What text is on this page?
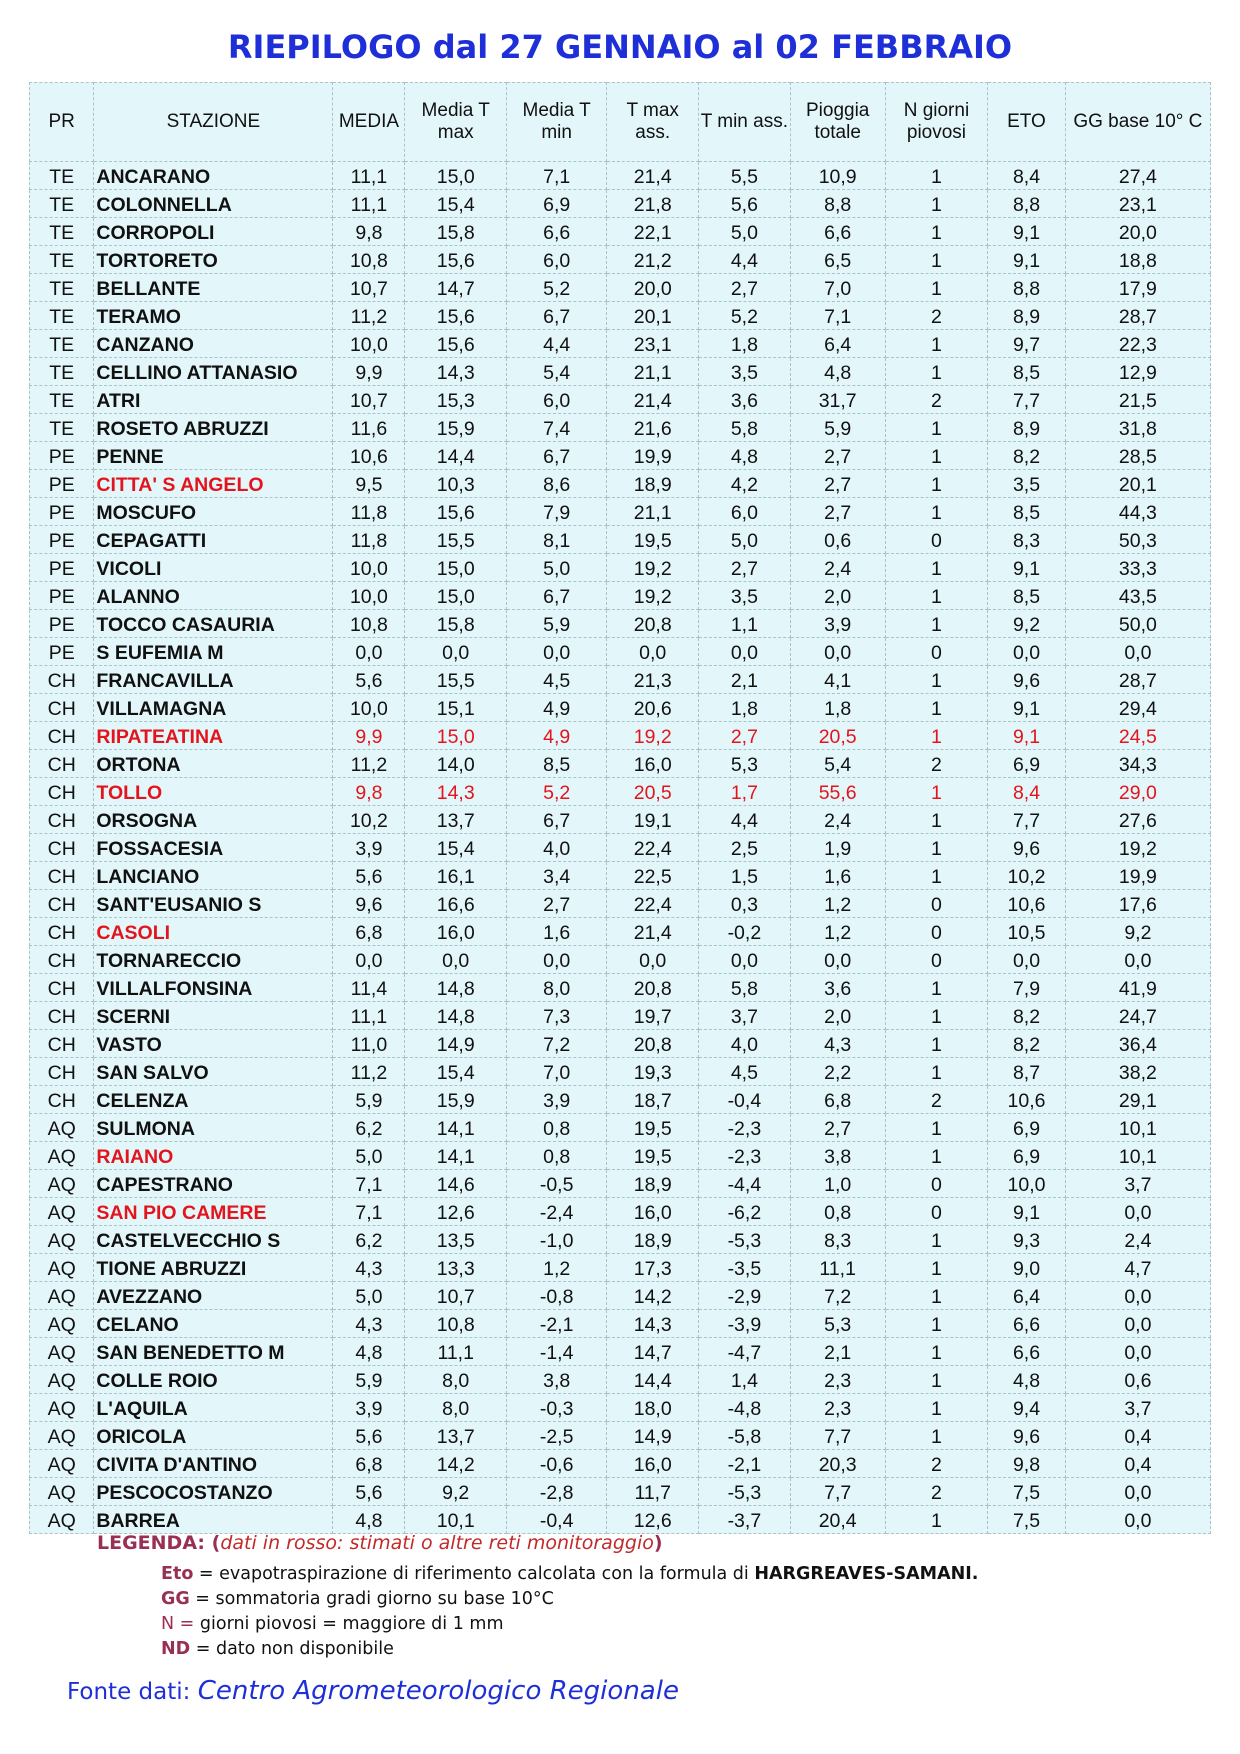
RIEPILOGO dal 27 GENNAIO al 02 FEBBRAIO
PR	STAZIONE	MEDIA	Media T max	Media T min	T max ass.	T min ass.	Pioggia totale	N giorni piovosi	ETO	GG base 10° C
TE	ANCARANO	11,1	15,0	7,1	21,4	5,5	10,9	1	8,4	27,4
TE	COLONNELLA	11,1	15,4	6,9	21,8	5,6	8,8	1	8,8	23,1
TE	CORROPOLI	9,8	15,8	6,6	22,1	5,0	6,6	1	9,1	20,0
TE	TORTORETO	10,8	15,6	6,0	21,2	4,4	6,5	1	9,1	18,8
TE	BELLANTE	10,7	14,7	5,2	20,0	2,7	7,0	1	8,8	17,9
TE	TERAMO	11,2	15,6	6,7	20,1	5,2	7,1	2	8,9	28,7
TE	CANZANO	10,0	15,6	4,4	23,1	1,8	6,4	1	9,7	22,3
TE	CELLINO ATTANASIO	9,9	14,3	5,4	21,1	3,5	4,8	1	8,5	12,9
TE	ATRI	10,7	15,3	6,0	21,4	3,6	31,7	2	7,7	21,5
TE	ROSETO ABRUZZI	11,6	15,9	7,4	21,6	5,8	5,9	1	8,9	31,8
PE	PENNE	10,6	14,4	6,7	19,9	4,8	2,7	1	8,2	28,5
PE	CITTA' S ANGELO	9,5	10,3	8,6	18,9	4,2	2,7	1	3,5	20,1
PE	MOSCUFO	11,8	15,6	7,9	21,1	6,0	2,7	1	8,5	44,3
PE	CEPAGATTI	11,8	15,5	8,1	19,5	5,0	0,6	0	8,3	50,3
PE	VICOLI	10,0	15,0	5,0	19,2	2,7	2,4	1	9,1	33,3
PE	ALANNO	10,0	15,0	6,7	19,2	3,5	2,0	1	8,5	43,5
PE	TOCCO CASAURIA	10,8	15,8	5,9	20,8	1,1	3,9	1	9,2	50,0
PE	S EUFEMIA M	0,0	0,0	0,0	0,0	0,0	0,0	0	0,0	0,0
CH	FRANCAVILLA	5,6	15,5	4,5	21,3	2,1	4,1	1	9,6	28,7
CH	VILLAMAGNA	10,0	15,1	4,9	20,6	1,8	1,8	1	9,1	29,4
CH	RIPATEATINA	9,9	15,0	4,9	19,2	2,7	20,5	1	9,1	24,5
CH	ORTONA	11,2	14,0	8,5	16,0	5,3	5,4	2	6,9	34,3
CH	TOLLO	9,8	14,3	5,2	20,5	1,7	55,6	1	8,4	29,0
CH	ORSOGNA	10,2	13,7	6,7	19,1	4,4	2,4	1	7,7	27,6
CH	FOSSACESIA	3,9	15,4	4,0	22,4	2,5	1,9	1	9,6	19,2
CH	LANCIANO	5,6	16,1	3,4	22,5	1,5	1,6	1	10,2	19,9
CH	SANT'EUSANIO S	9,6	16,6	2,7	22,4	0,3	1,2	0	10,6	17,6
CH	CASOLI	6,8	16,0	1,6	21,4	-0,2	1,2	0	10,5	9,2
CH	TORNARECCIO	0,0	0,0	0,0	0,0	0,0	0,0	0	0,0	0,0
CH	VILLALFONSINA	11,4	14,8	8,0	20,8	5,8	3,6	1	7,9	41,9
CH	SCERNI	11,1	14,8	7,3	19,7	3,7	2,0	1	8,2	24,7
CH	VASTO	11,0	14,9	7,2	20,8	4,0	4,3	1	8,2	36,4
CH	SAN SALVO	11,2	15,4	7,0	19,3	4,5	2,2	1	8,7	38,2
CH	CELENZA	5,9	15,9	3,9	18,7	-0,4	6,8	2	10,6	29,1
AQ	SULMONA	6,2	14,1	0,8	19,5	-2,3	2,7	1	6,9	10,1
AQ	RAIANO	5,0	14,1	0,8	19,5	-2,3	3,8	1	6,9	10,1
AQ	CAPESTRANO	7,1	14,6	-0,5	18,9	-4,4	1,0	0	10,0	3,7
AQ	SAN PIO CAMERE	7,1	12,6	-2,4	16,0	-6,2	0,8	0	9,1	0,0
AQ	CASTELVECCHIO S	6,2	13,5	-1,0	18,9	-5,3	8,3	1	9,3	2,4
AQ	TIONE ABRUZZI	4,3	13,3	1,2	17,3	-3,5	11,1	1	9,0	4,7
AQ	AVEZZANO	5,0	10,7	-0,8	14,2	-2,9	7,2	1	6,4	0,0
AQ	CELANO	4,3	10,8	-2,1	14,3	-3,9	5,3	1	6,6	0,0
AQ	SAN BENEDETTO M	4,8	11,1	-1,4	14,7	-4,7	2,1	1	6,6	0,0
AQ	COLLE ROIO	5,9	8,0	3,8	14,4	1,4	2,3	1	4,8	0,6
AQ	L'AQUILA	3,9	8,0	-0,3	18,0	-4,8	2,3	1	9,4	3,7
AQ	ORICOLA	5,6	13,7	-2,5	14,9	-5,8	7,7	1	9,6	0,4
AQ	CIVITA D'ANTINO	6,8	14,2	-0,6	16,0	-2,1	20,3	2	9,8	0,4
AQ	PESCOCOSTANZO	5,6	9,2	-2,8	11,7	-5,3	7,7	2	7,5	0,0
AQ	BARREA	4,8	10,1	-0,4	12,6	-3,7	20,4	1	7,5	0,0
LEGENDA: (dati in rosso: stimati o altre reti monitoraggio)
Eto = evapotraspirazione di riferimento calcolata con la formula di HARGREAVES-SAMANI.
GG = sommatoria gradi giorno su base 10°C
N = giorni piovosi = maggiore di 1 mm
ND = dato non disponibile
Fonte dati: Centro Agrometeorologico Regionale
